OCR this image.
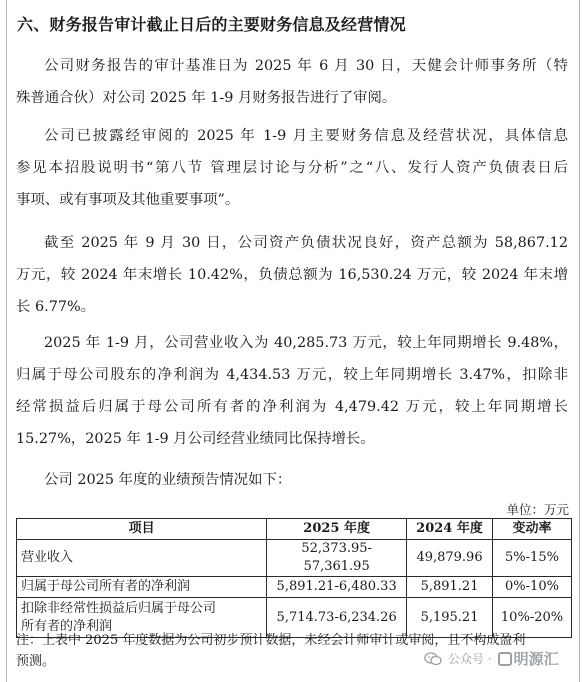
六、财务报告审计截止日后的主要财务信息及经营情况
公司财务报告的审计基准日为 2025 年 6 月 30 日，天健会计师事务所（特
殊普通合伙）对公司 2025 年 1-9 月财务报告进行了审阅。
公司已披露经审阅的 2025 年 1-9 月主要财务信息及经营状况，具体信息
参见本招股说明书“第八节 管理层讨论与分析”之“八、发行人资产负债表日后
事项、或有事项及其他重要事项”。
截至 2025 年 9 月 30 日，公司资产负债状况良好，资产总额为 58,867.12
万元，较 2024 年末增长 10.42%，负债总额为 16,530.24 万元，较 2024 年末增
长 6.77%。
2025 年 1-9 月，公司营业收入为 40,285.73 万元，较上年同期增长 9.48%，
归属于母公司股东的净利润为 4,434.53 万元，较上年同期增长 3.47%，扣除非
经常损益后归属于母公司所有者的净利润为 4,479.42 万元，较上年同期增长
15.27%，2025 年 1-9 月公司经营业绩同比保持增长。
公司 2025 年度的业绩预告情况如下：
单位：万元
项目	2025 年度	2024 年度	变动率
营业收入	52,373.95-57,361.95	49,879.96	5%-15%
归属于母公司所有者的净利润	5,891.21-6,480.33	5,891.21	0%-10%

扣除非经常性损益后归属于母公司
所有者的净利润	5,714.73-6,234.26	5,195.21	10%-20%
注：上表中 2025 年度数据为公司初步预计数据，未经会计师审计或审阅，且不构成盈利
预测。	公众号 · 明源汇
